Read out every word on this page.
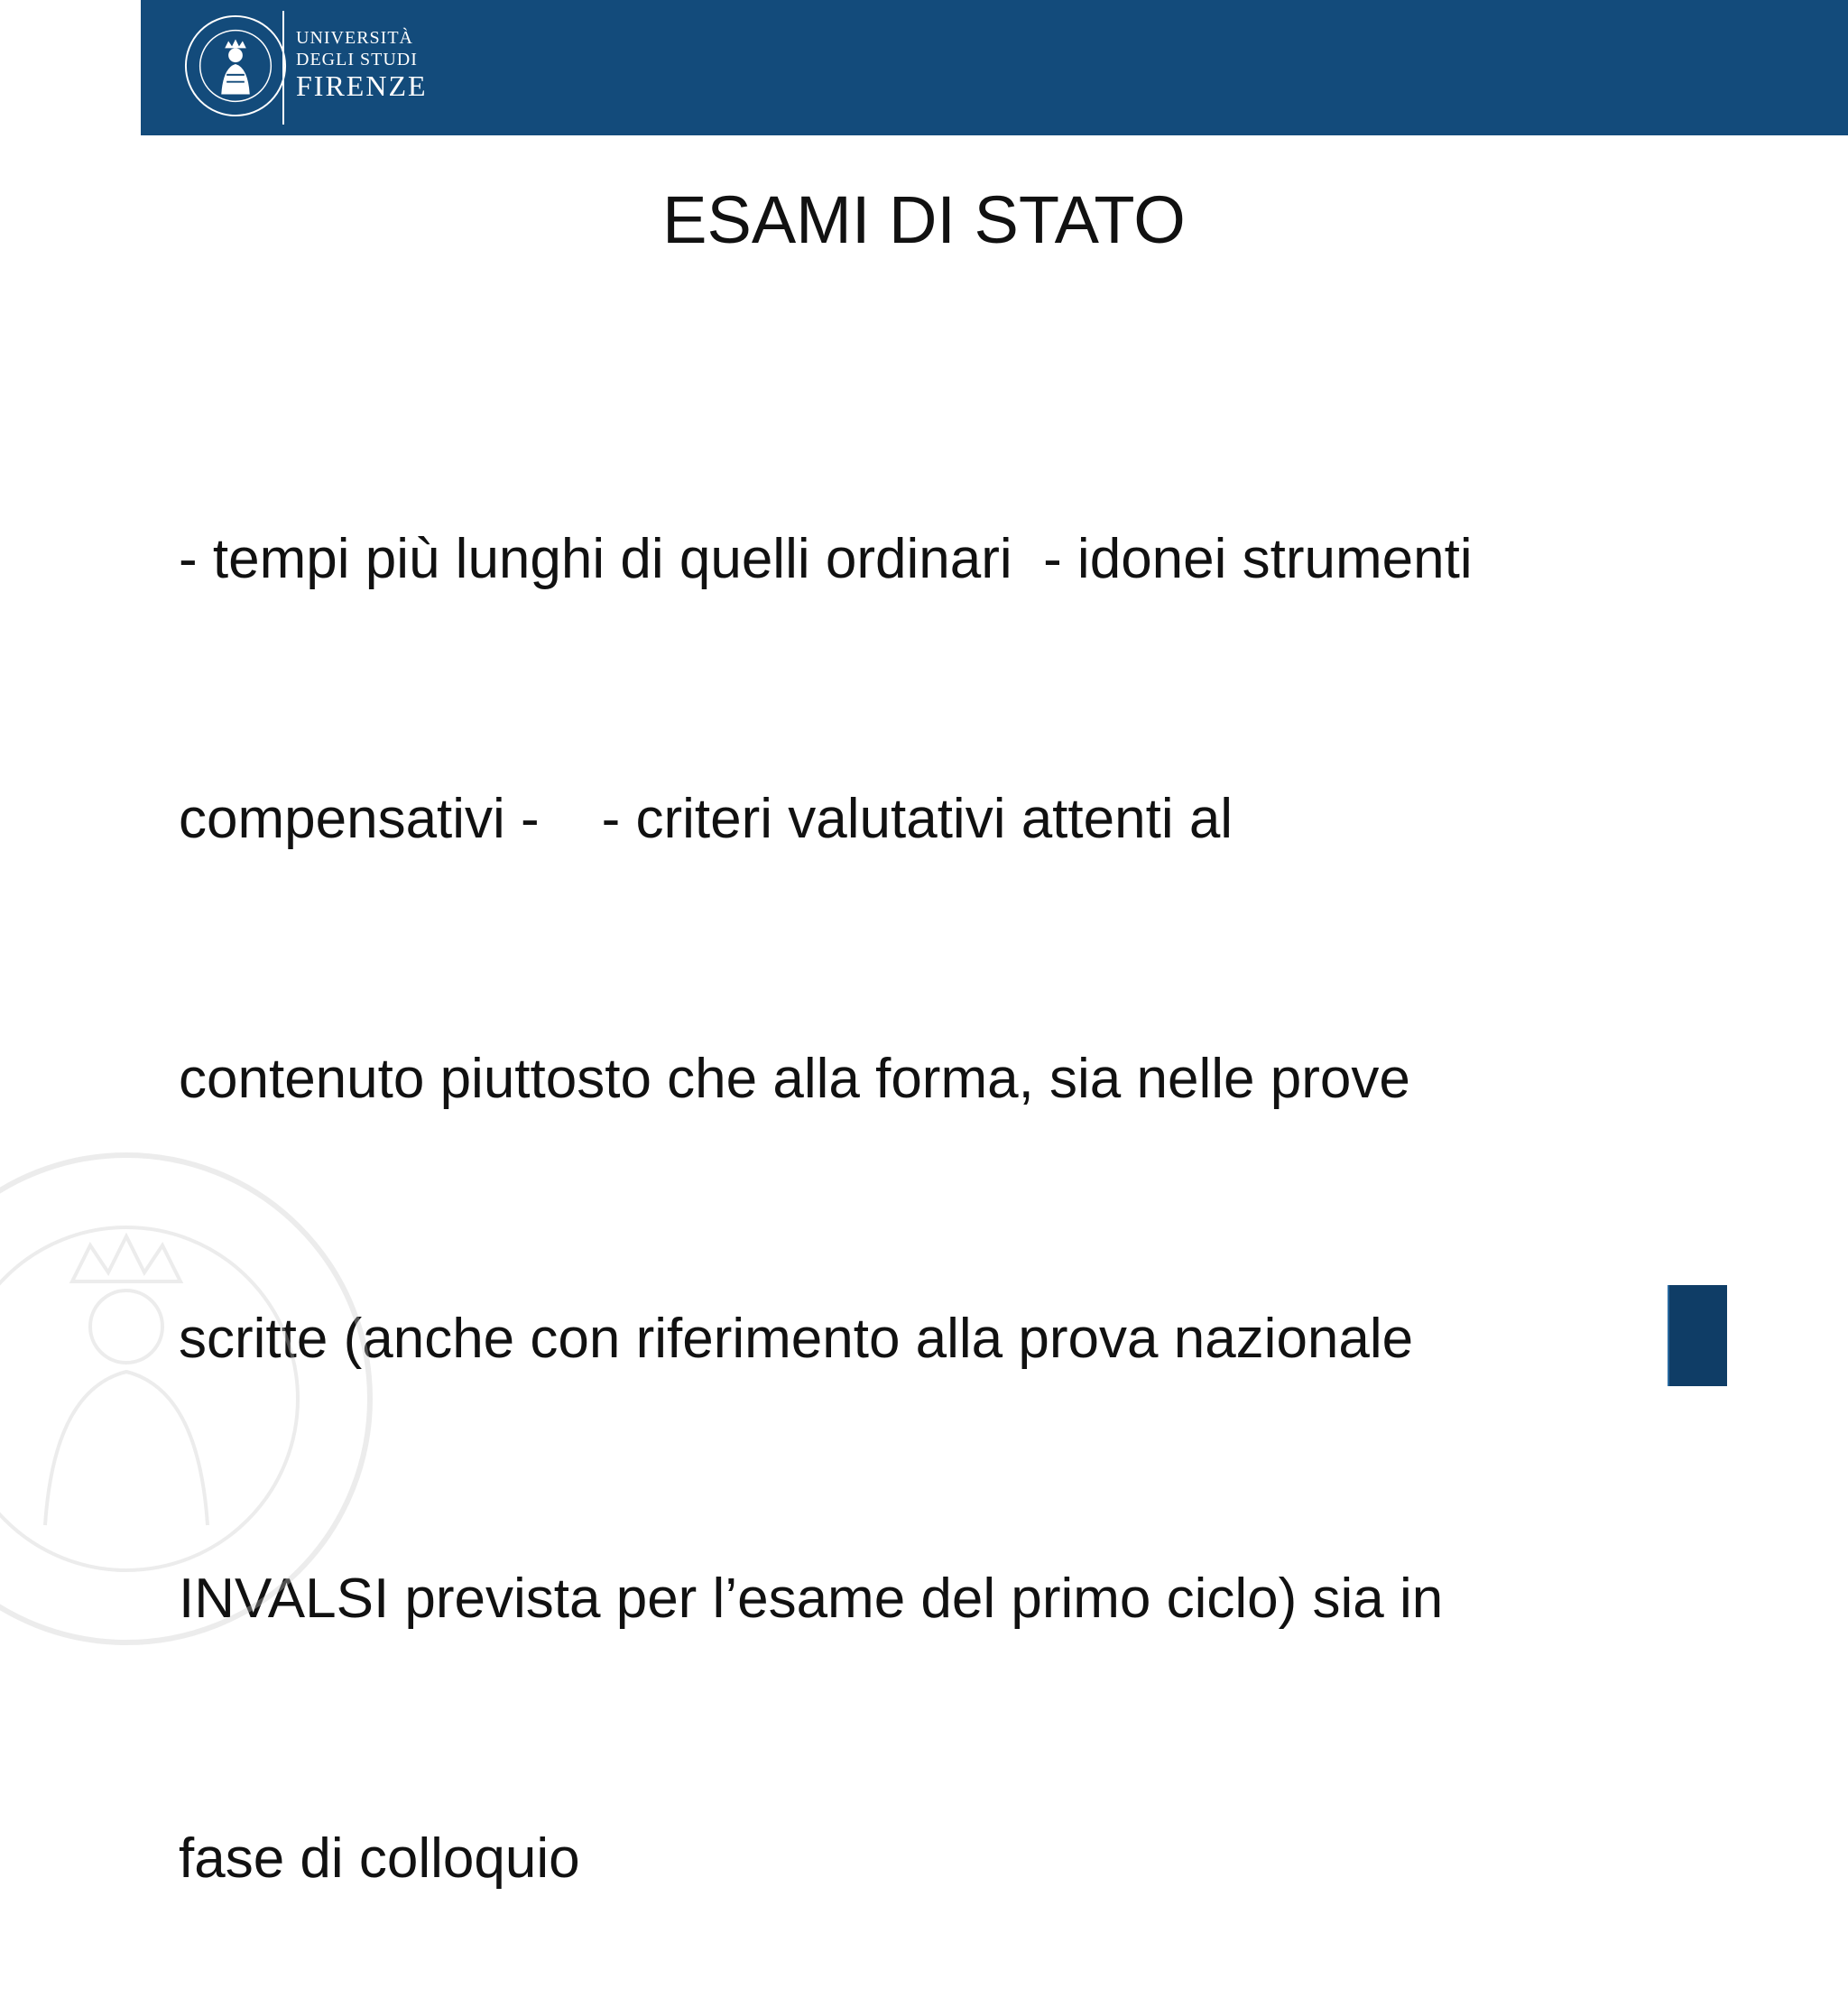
UNIVERSITÀ
DEGLI STUDI
FIRENZE
ESAMI DI STATO

- tempi più lunghi di quelli ordinari  - idonei strumenti

compensativi -    - criteri valutativi attenti al

contenuto piuttosto che alla forma, sia nelle prove

scritte (anche con riferimento alla prova nazionale

INVALSI prevista per l’esame del primo ciclo) sia in

fase di colloquio
